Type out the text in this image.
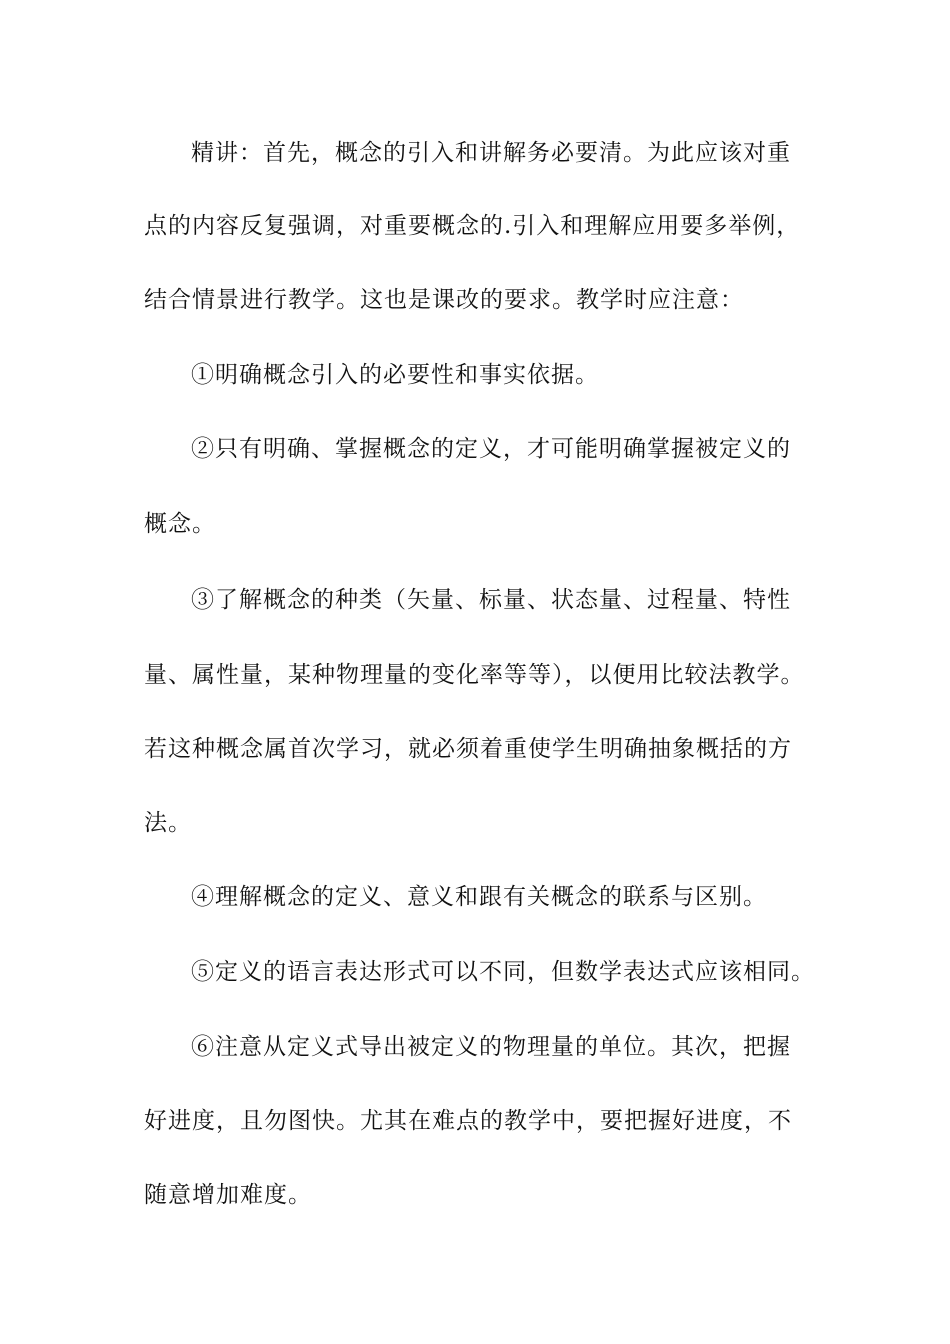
精讲：首先，概念的引入和讲解务必要清。为此应该对重
点的内容反复强调，对重要概念的.引入和理解应用要多举例，
结合情景进行教学。这也是课改的要求。教学时应注意：
①明确概念引入的必要性和事实依据。
②只有明确、掌握概念的定义，才可能明确掌握被定义的
概念。
③了解概念的种类（矢量、标量、状态量、过程量、特性
量、属性量，某种物理量的变化率等等），以便用比较法教学。
若这种概念属首次学习，就必须着重使学生明确抽象概括的方
法。
④理解概念的定义、意义和跟有关概念的联系与区别。
⑤定义的语言表达形式可以不同，但数学表达式应该相同。
⑥注意从定义式导出被定义的物理量的单位。其次，把握
好进度，且勿图快。尤其在难点的教学中，要把握好进度，不
随意增加难度。
